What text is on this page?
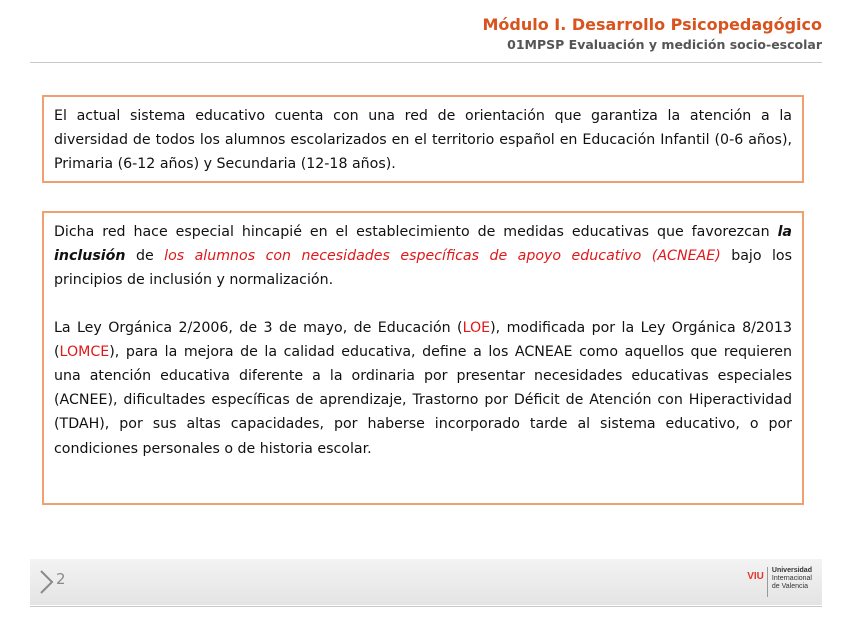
Módulo I. Desarrollo Psicopedagógico
01MPSP Evaluación y medición socio-escolar
El actual sistema educativo cuenta con una red de orientación que garantiza la atención a la diversidad de todos los alumnos escolarizados en el territorio español en Educación Infantil (0-6 años), Primaria (6-12 años) y Secundaria (12-18 años).
Dicha red hace especial hincapié en el establecimiento de medidas educativas que favorezcan la inclusión de los alumnos con necesidades específicas de apoyo educativo (ACNEAE) bajo los principios de inclusión y normalización.
La Ley Orgánica 2/2006, de 3 de mayo, de Educación (LOE), modificada por la Ley Orgánica 8/2013 (LOMCE), para la mejora de la calidad educativa, define a los ACNEAE como aquellos que requieren una atención educativa diferente a la ordinaria por presentar necesidades educativas especiales (ACNEE), dificultades específicas de aprendizaje, Trastorno por Déficit de Atención con Hiperactividad (TDAH), por sus altas capacidades, por haberse incorporado tarde al sistema educativo, o por condiciones personales o de historia escolar.
2	VIU
Universidad
Internacional
de Valencia
